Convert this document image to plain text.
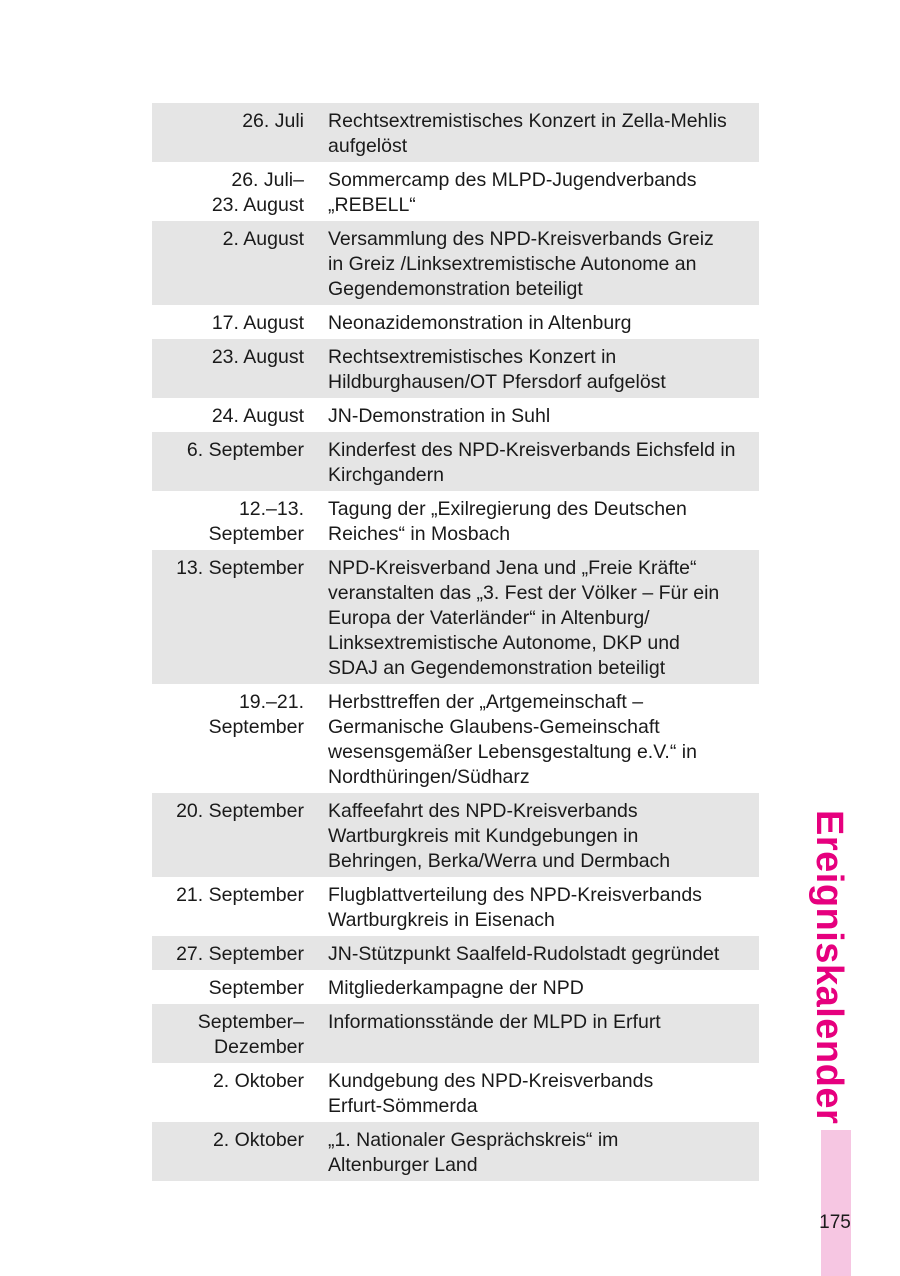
26. Juli Rechtsextremistisches Konzert in Zella-Mehlis
aufgelöst
26. Juli–
23. August
Sommercamp des MLPD-Jugendverbands
„REBELL“
2. August Versammlung des NPD-Kreisverbands Greiz
in Greiz /Linksextremistische Autonome an
Gegendemonstration beteiligt
17. August Neonazidemonstration in Altenburg
23. August Rechtsextremistisches Konzert in
Hildburghausen/OT Pfersdorf aufgelöst
24. August JN-Demonstration in Suhl
6. September Kinderfest des NPD-Kreisverbands Eichsfeld in
Kirchgandern
12.–13.
September
Tagung der „Exilregierung des Deutschen
Reiches“ in Mosbach
13. September NPD-Kreisverband Jena und „Freie Kräfte“
veranstalten das „3. Fest der Völker – Für ein
Europa der Vaterländer“ in Altenburg/
Linksextremistische Autonome, DKP und
SDAJ an Gegendemonstration beteiligt
19.–21.
September
Herbsttreffen der „Artgemeinschaft –
Germanische Glaubens-Gemeinschaft
wesensgemäßer Lebensgestaltung e.V.“ in
Nordthüringen/Südharz
20. September Kaffeefahrt des NPD-Kreisverbands
Wartburgkreis mit Kundgebungen in
Behringen, Berka/Werra und Dermbach
21. September Flugblattverteilung des NPD-Kreisverbands
Wartburgkreis in Eisenach
27. September JN-Stützpunkt Saalfeld-Rudolstadt gegründet
September Mitgliederkampagne der NPD
September–
Dezember
Informationsstände der MLPD in Erfurt
2. Oktober Kundgebung des NPD-Kreisverbands
Erfurt-Sömmerda
2. Oktober „1. Nationaler Gesprächskreis“ im
Altenburger Land
Ereigniskalender
175
